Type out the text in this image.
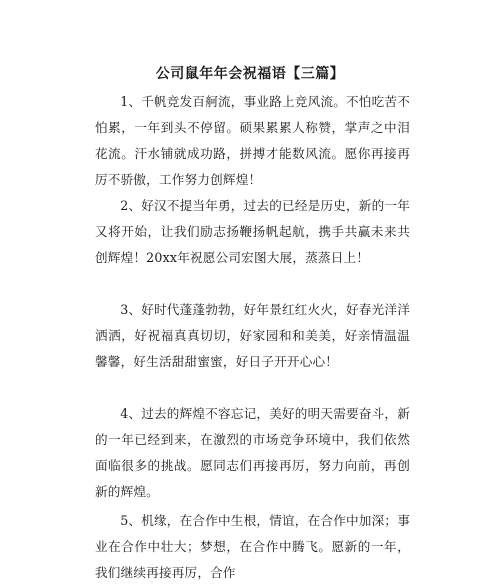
公司鼠年年会祝福语【三篇】

1、千帆竞发百舸流，事业路上竞风流。不怕吃苦不怕累，一年到头不停留。硕果累累人称赞，掌声之中泪花流。汗水铺就成功路，拼搏才能数风流。愿你再接再厉不骄傲，工作努力创辉煌！

2、好汉不提当年勇，过去的已经是历史，新的一年又将开始，让我们励志扬鞭扬帆起航，携手共赢未来共创辉煌！20xx年祝愿公司宏图大展，蒸蒸日上！

3、好时代蓬蓬勃勃，好年景红红火火，好春光洋洋洒洒，好祝福真真切切，好家园和和美美，好亲情温温馨馨，好生活甜甜蜜蜜，好日子开开心心！

4、过去的辉煌不容忘记，美好的明天需要奋斗，新的一年已经到来，在激烈的市场竞争环境中，我们依然面临很多的挑战。愿同志们再接再厉，努力向前，再创新的辉煌。

5、机缘，在合作中生根，情谊，在合作中加深；事业在合作中壮大；梦想，在合作中腾飞。愿新的一年，我们继续再接再厉，合作
